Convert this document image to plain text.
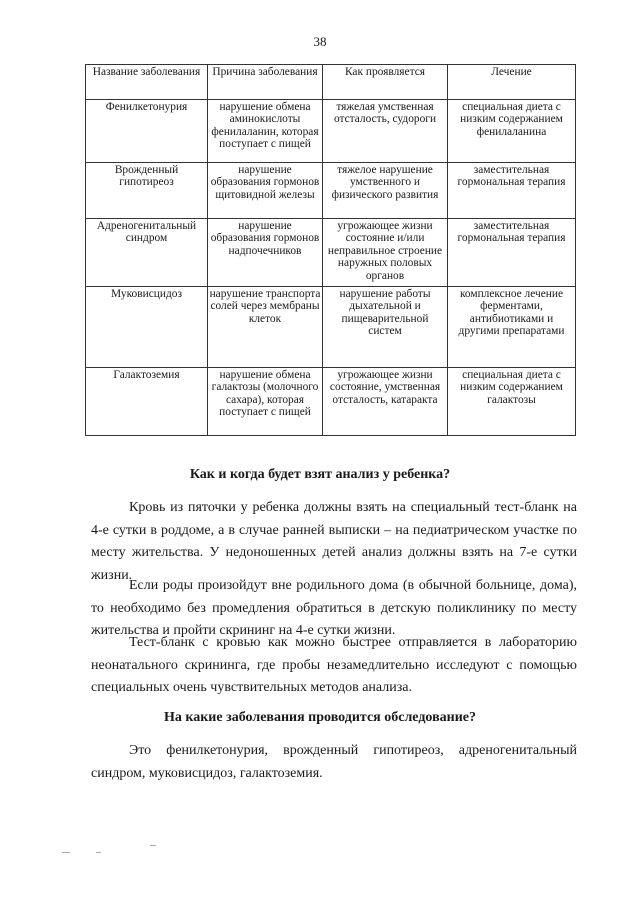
38
Название заболевания	Причина заболевания	Как проявляется	Лечение
Фенилкетонурия	нарушение обмена аминокислоты фенилаланин, которая поступает с пищей	тяжелая умственная отсталость, судороги	специальная диета с низким содержанием фенилаланина
Врожденный гипотиреоз	нарушение образования гормонов щитовидной железы	тяжелое нарушение умственного и физического развития	заместительная гормональная терапия
Адреногенитальный синдром	нарушение образования гормонов надпочечников	угрожающее жизни состояние и/или неправильное строение наружных половых органов	заместительная гормональная терапия
Муковисцидоз	нарушение транспорта солей через мембраны клеток	нарушение работы дыхательной и пищеварительной систем	комплексное лечение ферментами, антибиотиками и другими препаратами
Галактоземия	нарушение обмена галактозы (молочного сахара), которая поступает с пищей	угрожающее жизни состояние, умственная отсталость, катаракта	специальная диета с низким содержанием галактозы
Как и когда будет взят анализ у ребенка?

Кровь из пяточки у ребенка должны взять на специальный тест-бланк на 4-е сутки в роддоме, а в случае ранней выписки – на педиатрическом участке по месту жительства. У недоношенных детей анализ должны взять на 7-е сутки жизни.

Если роды произойдут вне родильного дома (в обычной больнице, дома), то необходимо без промедления обратиться в детскую поликлинику по месту жительства и пройти скрининг на 4-е сутки жизни.

Тест-бланк с кровью как можно быстрее отправляется в лабораторию неонатального скрининга, где пробы незамедлительно исследуют с помощью специальных очень чувствительных методов анализа.

На какие заболевания проводится обследование?

Это фенилкетонурия, врожденный гипотиреоз, адреногенитальный синдром, муковисцидоз, галактоземия.
